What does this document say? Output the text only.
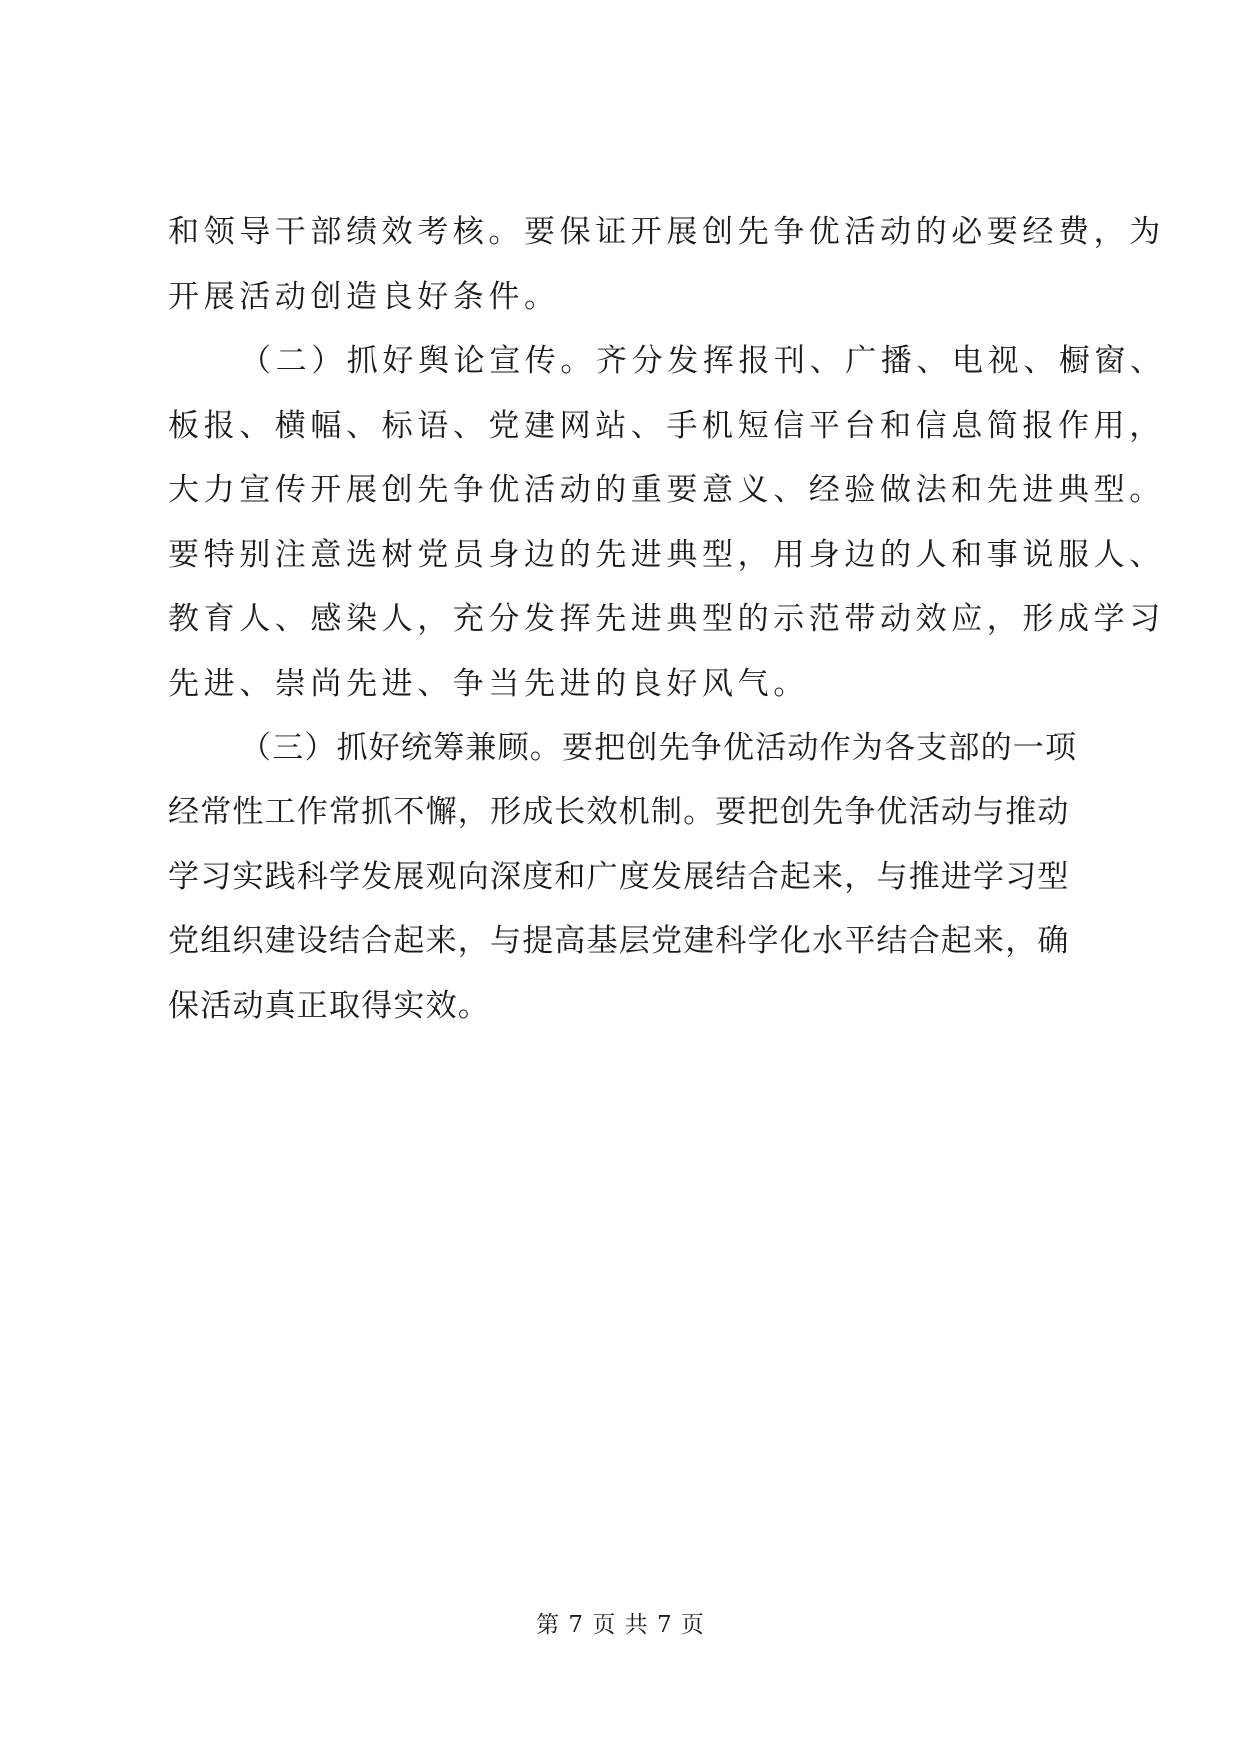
和领导干部绩效考核。要保证开展创先争优活动的必要经费，为
开展活动创造良好条件。
（二）抓好舆论宣传。齐分发挥报刊、广播、电视、橱窗、
板报、横幅、标语、党建网站、手机短信平台和信息简报作用，
大力宣传开展创先争优活动的重要意义、经验做法和先进典型。
要特别注意选树党员身边的先进典型，用身边的人和事说服人、
教育人、感染人，充分发挥先进典型的示范带动效应，形成学习
先进、崇尚先进、争当先进的良好风气。
（三）抓好统筹兼顾。要把创先争优活动作为各支部的一项
经常性工作常抓不懈，形成长效机制。要把创先争优活动与推动
学习实践科学发展观向深度和广度发展结合起来，与推进学习型
党组织建设结合起来，与提高基层党建科学化水平结合起来，确
保活动真正取得实效。
第 7 页 共 7 页
